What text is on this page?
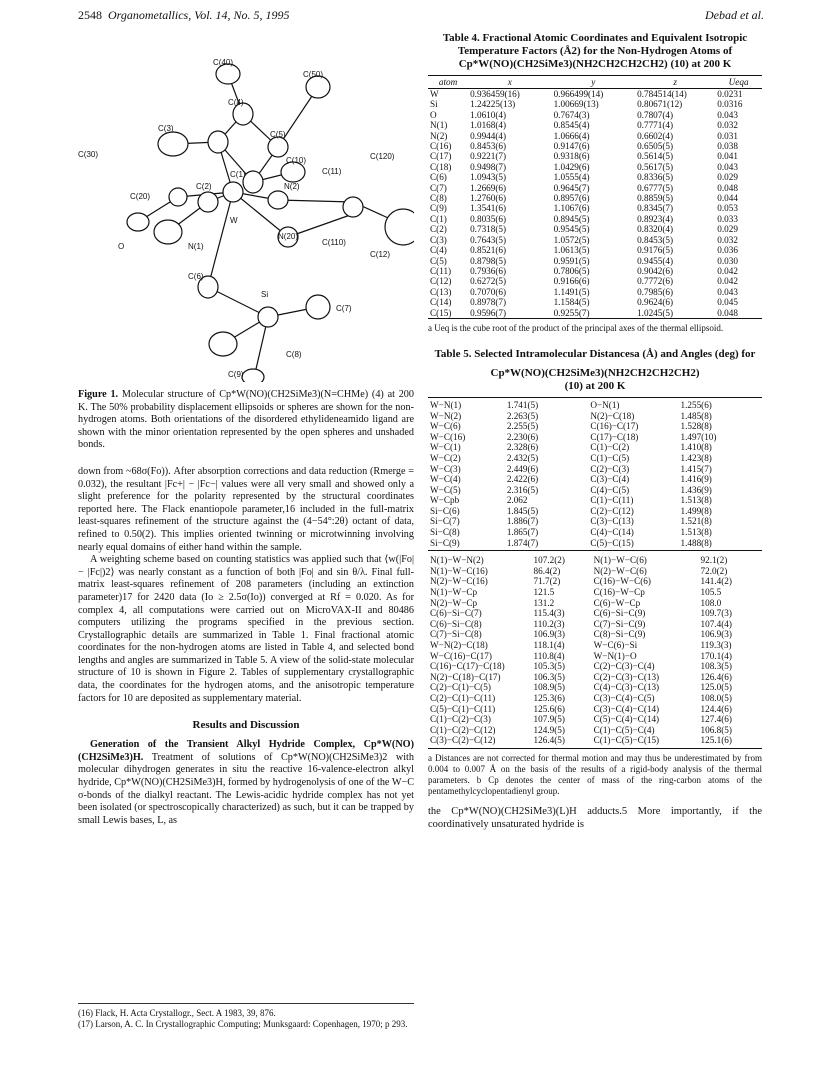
2548 Organometallics, Vol. 14, No. 5, 1995	Debad et al.
C(40)
C(50)
C(4)
C(3)
C(5)
C(30)
C(10)	C(120)
C(1)	C(11)
C(20)
C(2)	N(2)
W
O	N(1)
N(20)
C(110)
C(12)
C(6)
Si
C(7)
C(8)
C(9)

Figure 1. Molecular structure of Cp*W(NO)(CH2SiMe3)(N=CHMe) (4) at 200 K. The 50% probability displacement ellipsoids or spheres are shown for the non-hydrogen atoms. Both orientations of the disordered ethylideneamido ligand are shown with the minor orientation represented by the open spheres and unshaded bonds.

down from ~68σ(Fo)). After absorption corrections and data reduction (Rmerge = 0.032), the resultant |Fc+| − |Fc−| values were all very small and showed only a slight preference for the polarity represented by the structural coordinates reported here. The Flack enantiopole parameter,16 included in the full-matrix least-squares refinement of the structure against the (4−54°:2θ) octant of data, refined to 0.50(2). This implies oriented twinning or microtwinning involving nearly equal domains of either hand within the sample.

A weighting scheme based on counting statistics was applied such that ⟨w(|Fo| − |Fc|)2⟩ was nearly constant as a function of both |Fo| and sin θ/λ. Final full-matrix least-squares refinement of 208 parameters (including an extinction parameter)17 for 2420 data (Io ≥ 2.5σ(Io)) converged at Rf = 0.020. As for complex 4, all computations were carried out on MicroVAX-II and 80486 computers utilizing the programs specified in the previous section. Crystallographic details are summarized in Table 1. Final fractional atomic coordinates for the non-hydrogen atoms are listed in Table 4, and selected bond lengths and angles are summarized in Table 5. A view of the solid-state molecular structure of 10 is shown in Figure 2. Tables of supplementary crystallographic data, the coordinates for the hydrogen atoms, and the anisotropic temperature factors for 10 are deposited as supplementary material.

Results and Discussion

Generation of the Transient Alkyl Hydride Complex, Cp*W(NO)(CH2SiMe3)H. Treatment of solutions of Cp*W(NO)(CH2SiMe3)2 with molecular dihydrogen generates in situ the reactive 16-valence-electron alkyl hydride, Cp*W(NO)(CH2SiMe3)H, formed by hydrogenolysis of one of the W−C σ-bonds of the dialkyl reactant. The Lewis-acidic hydride complex has not yet been isolated (or spectroscopically characterized) as such, but it can be trapped by small Lewis bases, L, as

(16) Flack, H. Acta Crystallogr., Sect. A 1983, 39, 876.
(17) Larson, A. C. In Crystallographic Computing; Munksgaard: Copenhagen, 1970; p 293.
Table 4. Fractional Atomic Coordinates and Equivalent Isotropic Temperature Factors (Å2) for the Non-Hydrogen Atoms of
Cp*W(NO)(CH2SiMe3)(NH2CH2CH2CH2) (10) at 200 K
atom	x	y	z	Ueqa
W	0.936459(16)	0.966499(14)	0.784514(14)	0.0231
Si	1.24225(13)	1.00669(13)	0.80671(12)	0.0316
O	1.0610(4)	0.7674(3)	0.7807(4)	0.043
N(1)	1.0168(4)	0.8545(4)	0.7771(4)	0.032
N(2)	0.9944(4)	1.0666(4)	0.6602(4)	0.031
C(16)	0.8453(6)	0.9147(6)	0.6505(5)	0.038
C(17)	0.9221(7)	0.9318(6)	0.5614(5)	0.041
C(18)	0.9498(7)	1.0429(6)	0.5617(5)	0.043
C(6)	1.0943(5)	1.0555(4)	0.8336(5)	0.029
C(7)	1.2669(6)	0.9645(7)	0.6777(5)	0.048
C(8)	1.2760(6)	0.8957(6)	0.8859(5)	0.044
C(9)	1.3541(6)	1.1067(6)	0.8345(7)	0.053
C(1)	0.8035(6)	0.8945(5)	0.8923(4)	0.033
C(2)	0.7318(5)	0.9545(5)	0.8320(4)	0.029
C(3)	0.7643(5)	1.0572(5)	0.8453(5)	0.032
C(4)	0.8521(6)	1.0613(5)	0.9176(5)	0.036
C(5)	0.8798(5)	0.9591(5)	0.9455(4)	0.030
C(11)	0.7936(6)	0.7806(5)	0.9042(6)	0.042
C(12)	0.6272(5)	0.9166(6)	0.7772(6)	0.042
C(13)	0.7070(6)	1.1491(5)	0.7985(6)	0.043
C(14)	0.8978(7)	1.1584(5)	0.9624(6)	0.045
C(15)	0.9596(7)	0.9255(7)	1.0245(5)	0.048
a Ueq is the cube root of the product of the principal axes of the thermal ellipsoid.
Table 5. Selected Intramolecular Distancesa (Å) and Angles (deg) for
Cp*W(NO)(CH2SiMe3)(NH2CH2CH2CH2)
(10) at 200 K
W−N(1)	1.741(5)	O−N(1)	1.255(6)
W−N(2)	2.263(5)	N(2)−C(18)	1.485(8)
W−C(6)	2.255(5)	C(16)−C(17)	1.528(8)
W−C(16)	2.230(6)	C(17)−C(18)	1.497(10)
W−C(1)	2.328(6)	C(1)−C(2)	1.410(8)
W−C(2)	2.432(5)	C(1)−C(5)	1.423(8)
W−C(3)	2.449(6)	C(2)−C(3)	1.415(7)
W−C(4)	2.422(6)	C(3)−C(4)	1.416(9)
W−C(5)	2.316(5)	C(4)−C(5)	1.436(9)
W−Cpb	2.062	C(1)−C(11)	1.513(8)
Si−C(6)	1.845(5)	C(2)−C(12)	1.499(8)
Si−C(7)	1.886(7)	C(3)−C(13)	1.521(8)
Si−C(8)	1.865(7)	C(4)−C(14)	1.513(8)
Si−C(9)	1.874(7)	C(5)−C(15)	1.488(8)
N(1)−W−N(2)	107.2(2)	N(1)−W−C(6)	92.1(2)
N(1)−W−C(16)	86.4(2)	N(2)−W−C(6)	72.0(2)
N(2)−W−C(16)	71.7(2)	C(16)−W−C(6)	141.4(2)
N(1)−W−Cp	121.5	C(16)−W−Cp	105.5
N(2)−W−Cp	131.2	C(6)−W−Cp	108.0
C(6)−Si−C(7)	115.4(3)	C(6)−Si−C(9)	109.7(3)
C(6)−Si−C(8)	110.2(3)	C(7)−Si−C(9)	107.4(4)
C(7)−Si−C(8)	106.9(3)	C(8)−Si−C(9)	106.9(3)
W−N(2)−C(18)	118.1(4)	W−C(6)−Si	119.3(3)
W−C(16)−C(17)	110.8(4)	W−N(1)−O	170.1(4)
C(16)−C(17)−C(18)	105.3(5)	C(2)−C(3)−C(4)	108.3(5)
N(2)−C(18)−C(17)	106.3(5)	C(2)−C(3)−C(13)	126.4(6)
C(2)−C(1)−C(5)	108.9(5)	C(4)−C(3)−C(13)	125.0(5)
C(2)−C(1)−C(11)	125.3(6)	C(3)−C(4)−C(5)	108.0(5)
C(5)−C(1)−C(11)	125.6(6)	C(3)−C(4)−C(14)	124.4(6)
C(1)−C(2)−C(3)	107.9(5)	C(5)−C(4)−C(14)	127.4(6)
C(1)−C(2)−C(12)	124.9(5)	C(1)−C(5)−C(4)	106.8(5)
C(3)−C(2)−C(12)	126.4(5)	C(1)−C(5)−C(15)	125.1(6)
a Distances are not corrected for thermal motion and may thus be underestimated by from 0.004 to 0.007 Å on the basis of the results of a rigid-body analysis of the thermal parameters. b Cp denotes the center of mass of the ring-carbon atoms of the pentamethylcyclopentadienyl group.

the Cp*W(NO)(CH2SiMe3)(L)H adducts.5 More importantly, if the coordinatively unsaturated hydride is
